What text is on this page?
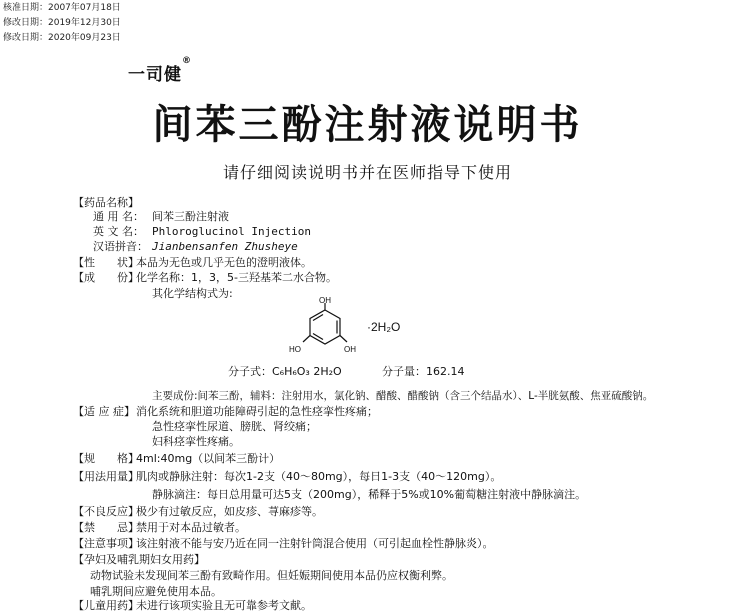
核准日期：2007年07月18日
修改日期：2019年12月30日
修改日期：2020年09月23日
一司健®
间苯三酚注射液说明书
请仔细阅读说明书并在医师指导下使用
【药品名称】
通 用 名： 间苯三酚注射液
英 文 名： Phloroglucinol Injection
汉语拼音： Jianbensanfen Zhusheye
【性　　状】
本品为无色或几乎无色的澄明液体。
【成　　份】
化学名称：1，3，5-三羟基苯二水合物。
其化学结构式为:
OH
HO	OH
·2H₂O
分子式：C₆H₆O₃ 2H₂O	分子量：162.14
主要成份:间苯三酚，辅料：注射用水，氯化钠、醋酸、醋酸钠（含三个结晶水）、L-半胱氨酸、焦亚硫酸钠。
【适 应 症】 消化系统和胆道功能障碍引起的急性痉挛性疼痛；
急性痉挛性尿道、膀胱、肾绞痛；
妇科痉挛性疼痛。
【规　　格】
4ml:40mg（以间苯三酚计）
【用法用量】
肌肉或静脉注射：每次1-2支（40～80mg），每日1-3支（40～120mg）。
静脉滴注：每日总用量可达5支（200mg），稀释于5%或10%葡萄糖注射液中静脉滴注。
【不良反应】
极少有过敏反应，如皮疹、荨麻疹等。
【禁　　忌】
禁用于对本品过敏者。
【注意事项】
该注射液不能与安乃近在同一注射针筒混合使用（可引起血栓性静脉炎）。
【孕妇及哺乳期妇女用药】
动物试验未发现间苯三酚有致畸作用。但妊娠期间使用本品仍应权衡利弊。
哺乳期间应避免使用本品。
【儿童用药】
未进行该项实验且无可靠参考文献。
